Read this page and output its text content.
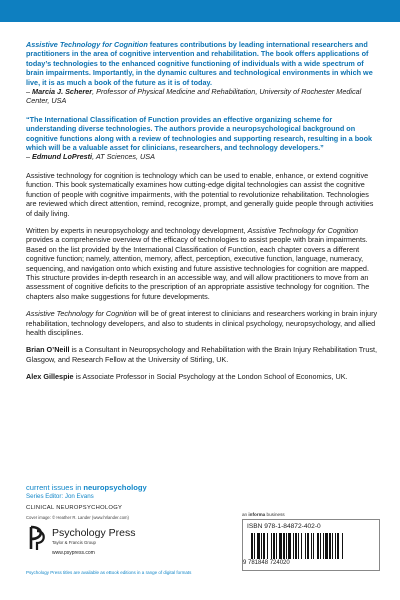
Assistive Technology for Cognition features contributions by leading international researchers and practitioners in the area of cognitive intervention and rehabilitation. The book offers applications of today’s technologies to the enhanced cognitive functioning of individuals with a wide spectrum of brain impairments. Importantly, in the dynamic cultures and technological environments in which we live, it is as much a book of the future as it is of today.

– Marcia J. Scherer, Professor of Physical Medicine and Rehabilitation, University of Rochester Medical Center, USA

“The International Classification of Function provides an effective organizing scheme for understanding diverse technologies. The authors provide a neuropsychological background on cognitive functions along with a review of technologies and supporting research, resulting in a book which will be a valuable asset for clinicians, researchers, and technology developers.”

– Edmund LoPresti, AT Sciences, USA

Assistive technology for cognition is technology which can be used to enable, enhance, or extend cognitive function. This book systematically examines how cutting-edge digital technologies can assist the cognitive function of people with cognitive impairments, with the potential to revolutionize rehabilitation. Technologies are reviewed which direct attention, remind, recognize, prompt, and generally guide people through activities of daily living.

Written by experts in neuropsychology and technology development, Assistive Technology for Cognition provides a comprehensive overview of the efficacy of technologies to assist people with brain impairments. Based on the list provided by the International Classification of Function, each chapter covers a different cognitive function; namely, attention, memory, affect, perception, executive function, language, numeracy, sequencing, and navigation onto which existing and future assistive technologies for cognition are mapped. This structure provides in-depth research in an accessible way, and will allow practitioners to move from an assessment of cognitive deficits to the prescription of an appropriate assistive technology for cognition. The chapters also make suggestions for future developments.

Assistive Technology for Cognition will be of great interest to clinicians and researchers working in brain injury rehabilitation, technology developers, and also to students in clinical psychology, neuropsychology, and allied health disciplines.

Brian O’Neill is a Consultant in Neuropsychology and Rehabilitation with the Brain Injury Rehabilitation Trust, Glasgow, and Research Fellow at the University of Stirling, UK.

Alex Gillespie is Associate Professor in Social Psychology at the London School of Economics, UK.

current issues in neuropsychology
Series Editor: Jon Evans
CLINICAL NEUROPSYCHOLOGY
Cover image: © Heather R. Lander (www.hrlander.com)
Psychology Press
Taylor & Francis Group
www.psypress.com
Psychology Press titles are available as eBook editions in a range of digital formats
an informa business
ISBN 978-1-84872-402-0
9 781848 724020
